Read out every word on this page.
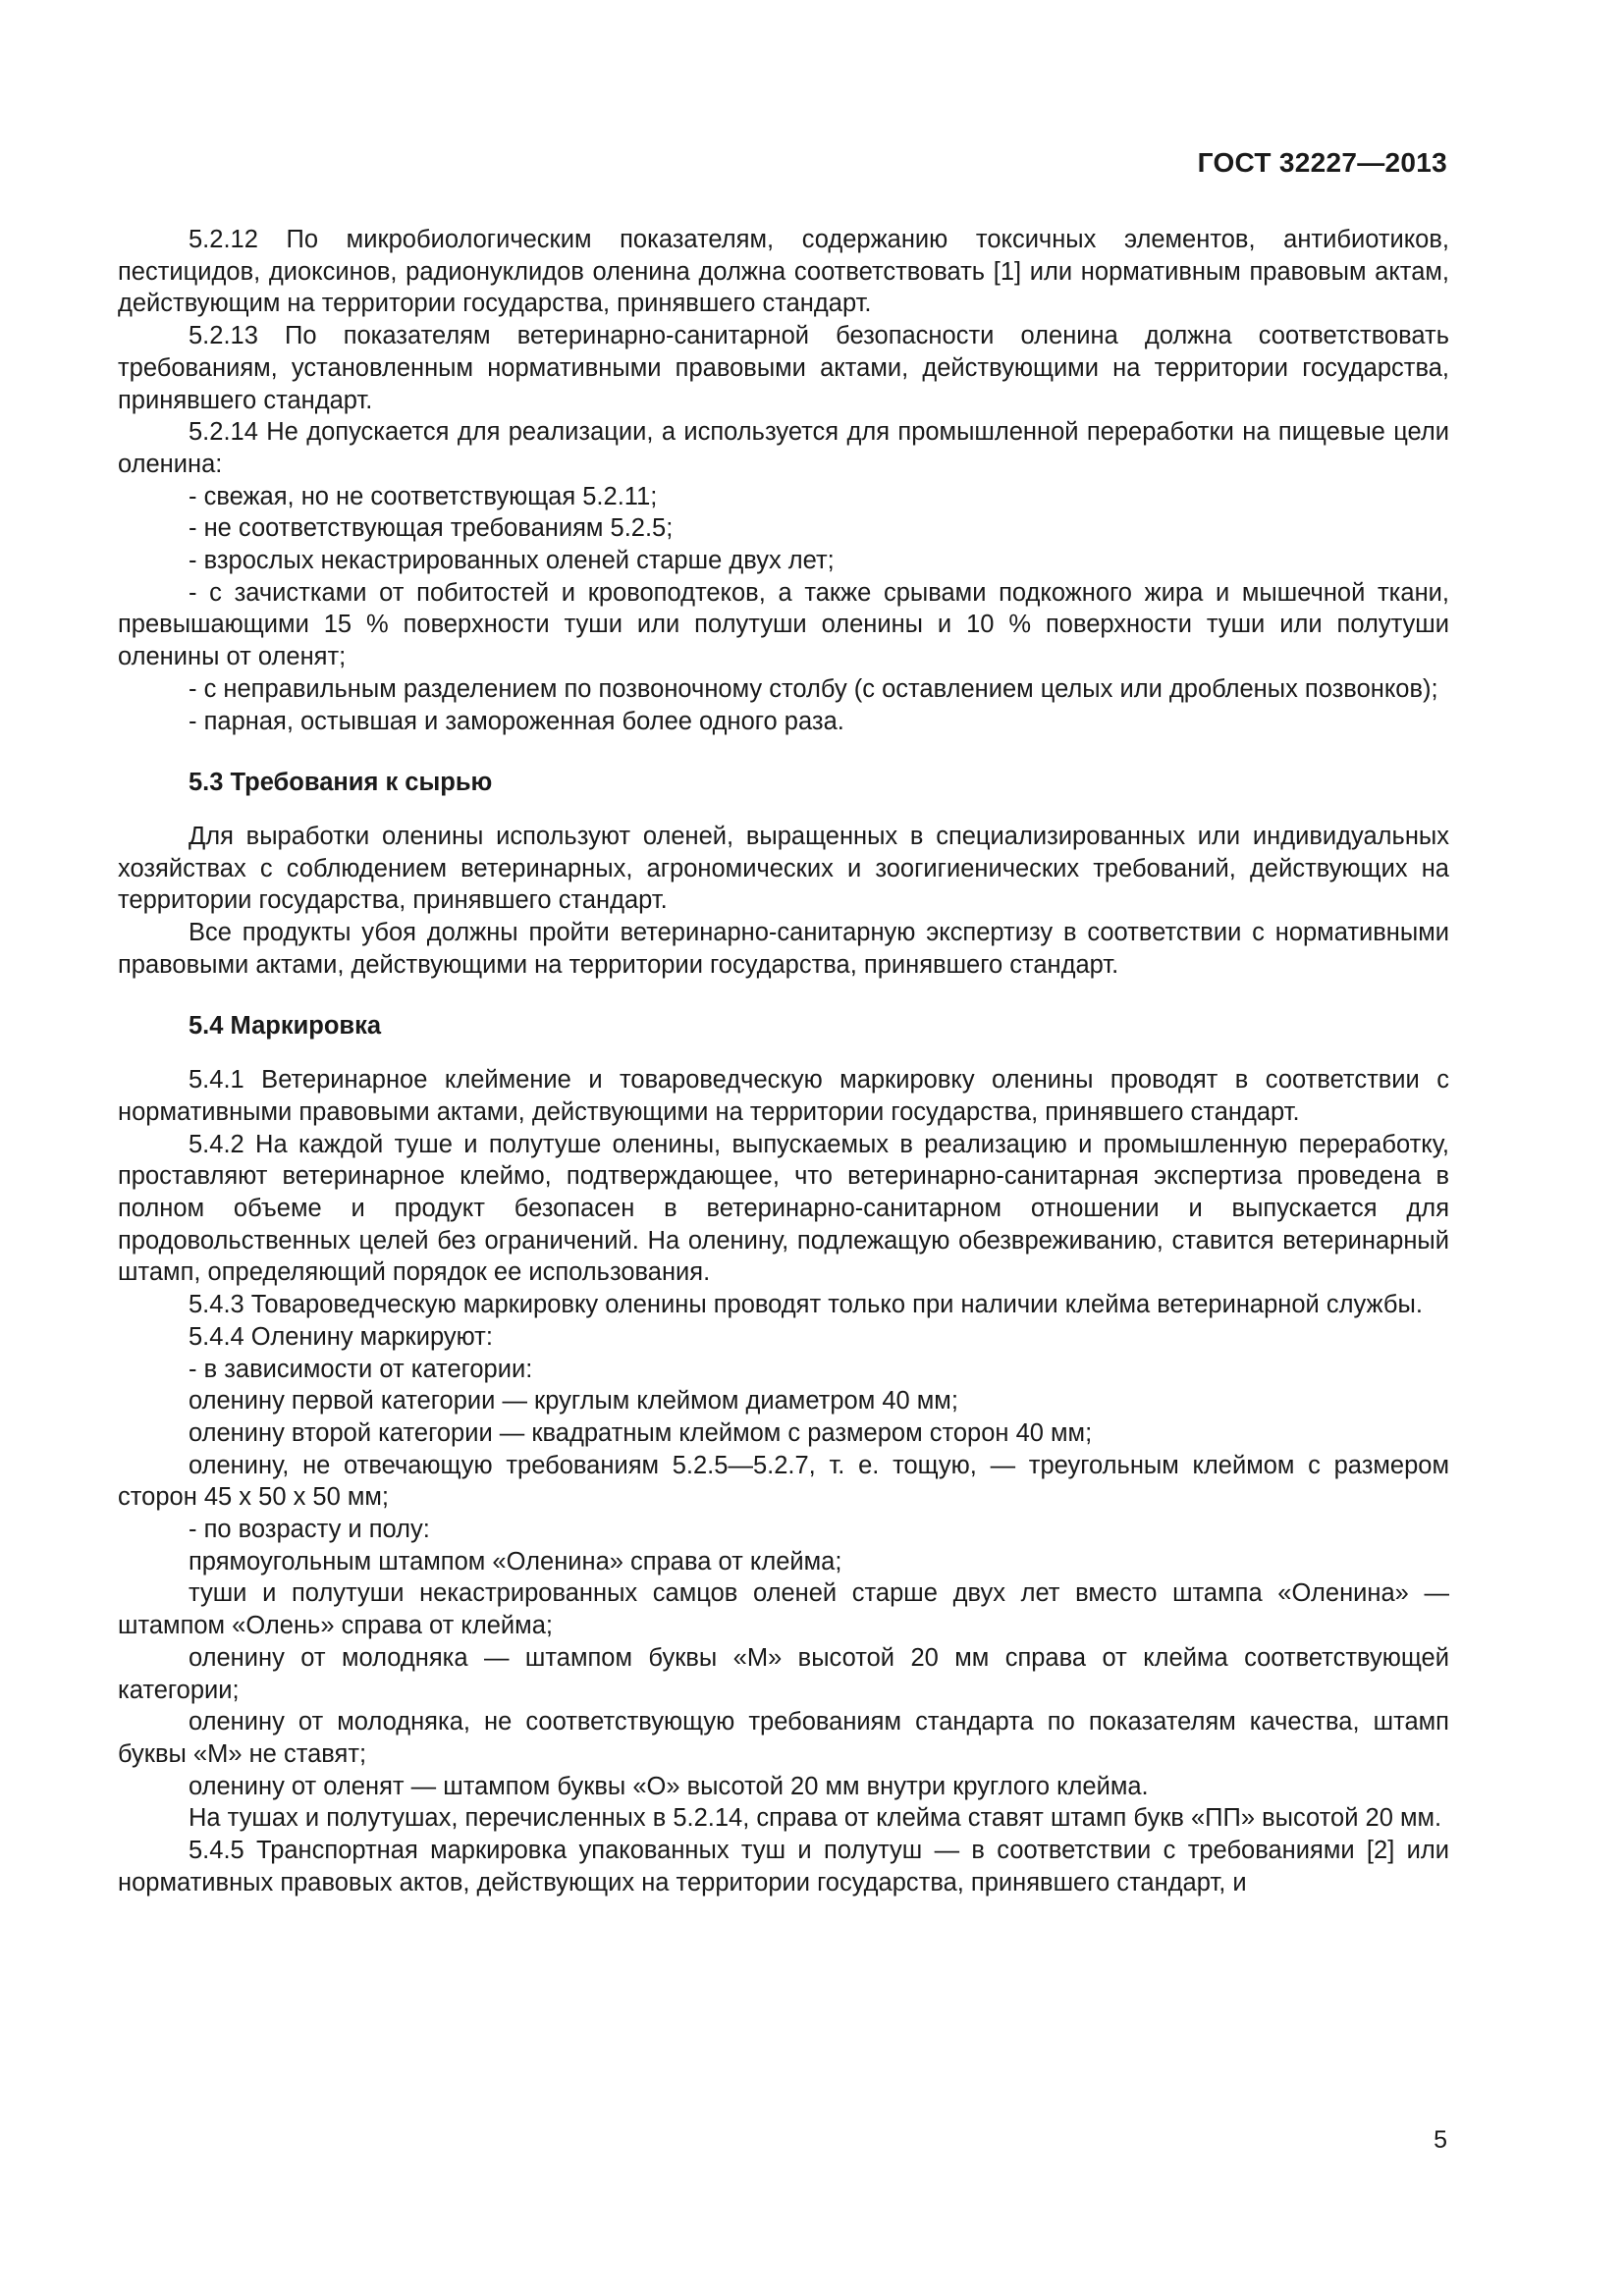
ГОСТ 32227—2013

5.2.12 По микробиологическим показателям, содержанию токсичных элементов, антибиотиков, пестицидов, диоксинов, радионуклидов оленина должна соответствовать [1] или нормативным правовым актам, действующим на территории государства, принявшего стандарт.

5.2.13 По показателям ветеринарно-санитарной безопасности оленина должна соответствовать требованиям, установленным нормативными правовыми актами, действующими на территории государства, принявшего стандарт.

5.2.14 Не допускается для реализации, а используется для промышленной переработки на пищевые цели оленина:

- свежая, но не соответствующая 5.2.11;

- не соответствующая требованиям 5.2.5;

- взрослых некастрированных оленей старше двух лет;

- с зачистками от побитостей и кровоподтеков, а также срывами подкожного жира и мышечной ткани, превышающими 15 % поверхности туши или полутуши оленины и 10 % поверхности туши или полутуши оленины от оленят;

- с неправильным разделением по позвоночному столбу (с оставлением целых или дробленых позвонков);

- парная, остывшая и замороженная более одного раза.

5.3 Требования к сырью

Для выработки оленины используют оленей, выращенных в специализированных или индивидуальных хозяйствах с соблюдением ветеринарных, агрономических и зоогигиенических требований, действующих на территории государства, принявшего стандарт.

Все продукты убоя должны пройти ветеринарно-санитарную экспертизу в соответствии с нормативными правовыми актами, действующими на территории государства, принявшего стандарт.

5.4 Маркировка

5.4.1 Ветеринарное клеймение и товароведческую маркировку оленины проводят в соответствии с нормативными правовыми актами, действующими на территории государства, принявшего стандарт.

5.4.2 На каждой туше и полутуше оленины, выпускаемых в реализацию и промышленную переработку, проставляют ветеринарное клеймо, подтверждающее, что ветеринарно-санитарная экспертиза проведена в полном объеме и продукт безопасен в ветеринарно-санитарном отношении и выпускается для продовольственных целей без ограничений. На оленину, подлежащую обезвреживанию, ставится ветеринарный штамп, определяющий порядок ее использования.

5.4.3 Товароведческую маркировку оленины проводят только при наличии клейма ветеринарной службы.

5.4.4 Оленину маркируют:

- в зависимости от категории:

оленину первой категории — круглым клеймом диаметром 40 мм;

оленину второй категории — квадратным клеймом с размером сторон 40 мм;

оленину, не отвечающую требованиям 5.2.5—5.2.7, т. е. тощую, — треугольным клеймом с размером сторон 45 х 50 х 50 мм;

- по возрасту и полу:

прямоугольным штампом «Оленина» справа от клейма;

туши и полутуши некастрированных самцов оленей старше двух лет вместо штампа «Оленина» — штампом «Олень» справа от клейма;

оленину от молодняка — штампом буквы «М» высотой 20 мм справа от клейма соответствующей категории;

оленину от молодняка, не соответствующую требованиям стандарта по показателям качества, штамп буквы «М» не ставят;

оленину от оленят — штампом буквы «О» высотой 20 мм внутри круглого клейма.

На тушах и полутушах, перечисленных в 5.2.14, справа от клейма ставят штамп букв «ПП» высотой 20 мм.

5.4.5 Транспортная маркировка упакованных туш и полутуш — в соответствии с требованиями [2] или нормативных правовых актов, действующих на территории государства, принявшего стандарт, и

5
